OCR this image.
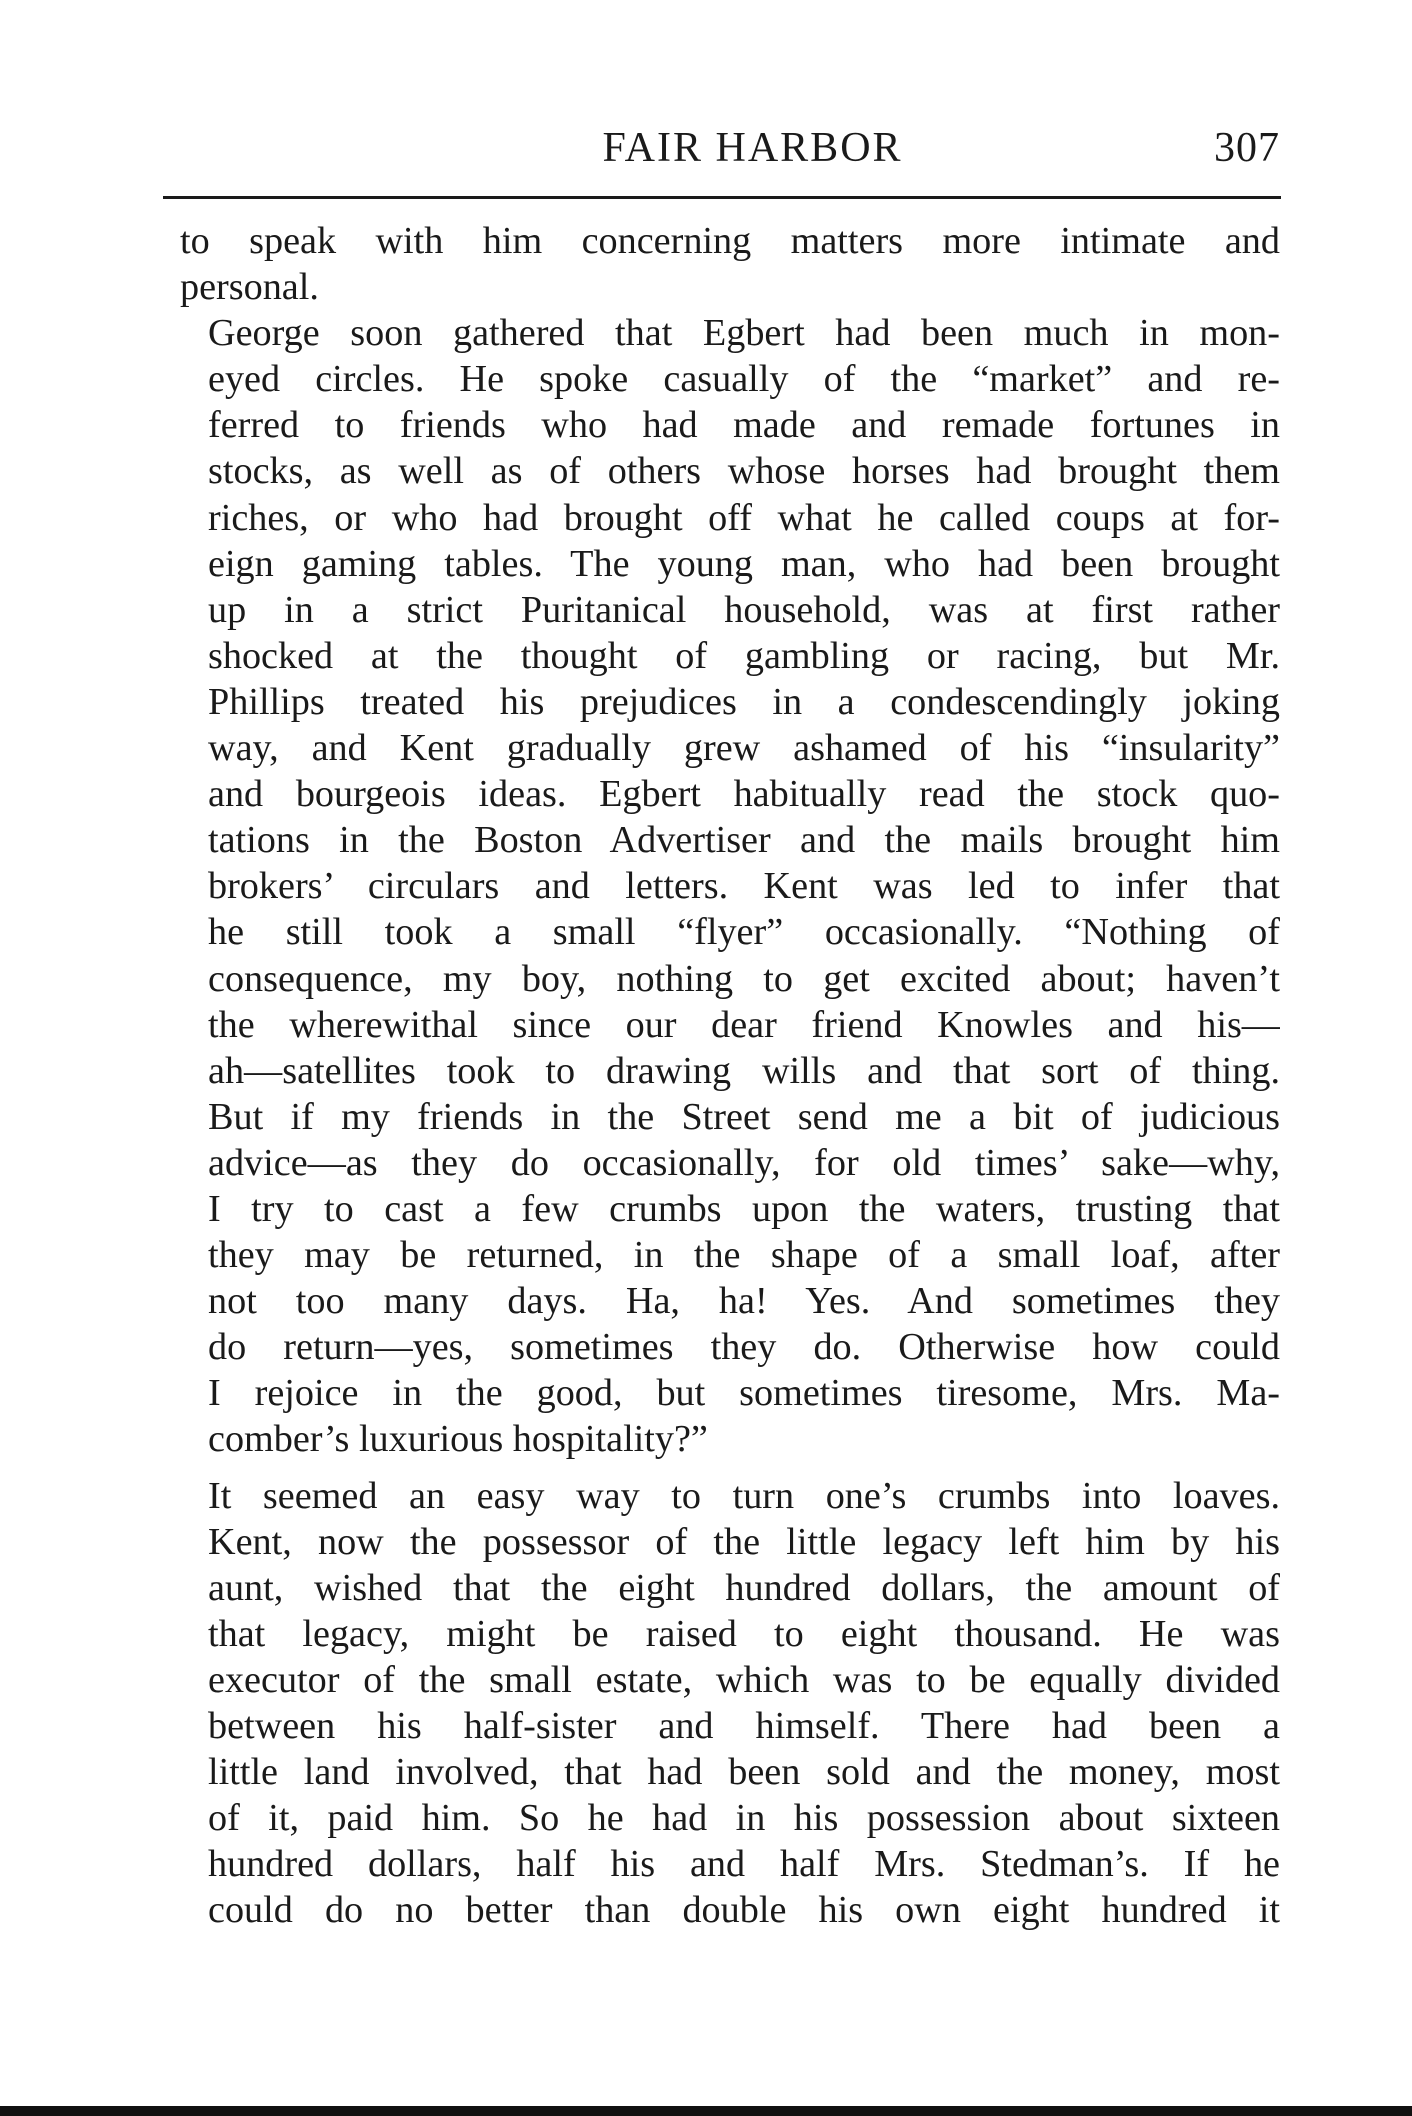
FAIR HARBOR	307

to speak with him concerning matters more intimate and
personal.

George soon gathered that Egbert had been much in mon-
eyed circles. He spoke casually of the “market” and re-
ferred to friends who had made and remade fortunes in
stocks, as well as of others whose horses had brought them
riches, or who had brought off what he called coups at for-
eign gaming tables. The young man, who had been brought
up in a strict Puritanical household, was at first rather
shocked at the thought of gambling or racing, but Mr.
Phillips treated his prejudices in a condescendingly joking
way, and Kent gradually grew ashamed of his “insularity”
and bourgeois ideas. Egbert habitually read the stock quo-
tations in the Boston Advertiser and the mails brought him
brokers’ circulars and letters. Kent was led to infer that
he still took a small “flyer” occasionally. “Nothing of
consequence, my boy, nothing to get excited about; haven’t
the wherewithal since our dear friend Knowles and his—
ah—satellites took to drawing wills and that sort of thing.
But if my friends in the Street send me a bit of judicious
advice—as they do occasionally, for old times’ sake—why,
I try to cast a few crumbs upon the waters, trusting that
they may be returned, in the shape of a small loaf, after
not too many days. Ha, ha! Yes. And sometimes they
do return—yes, sometimes they do. Otherwise how could
I rejoice in the good, but sometimes tiresome, Mrs. Ma-
comber’s luxurious hospitality?”

It seemed an easy way to turn one’s crumbs into loaves.
Kent, now the possessor of the little legacy left him by his
aunt, wished that the eight hundred dollars, the amount of
that legacy, might be raised to eight thousand. He was
executor of the small estate, which was to be equally divided
between his half-sister and himself. There had been a
little land involved, that had been sold and the money, most
of it, paid him. So he had in his possession about sixteen
hundred dollars, half his and half Mrs. Stedman’s. If he
could do no better than double his own eight hundred it
